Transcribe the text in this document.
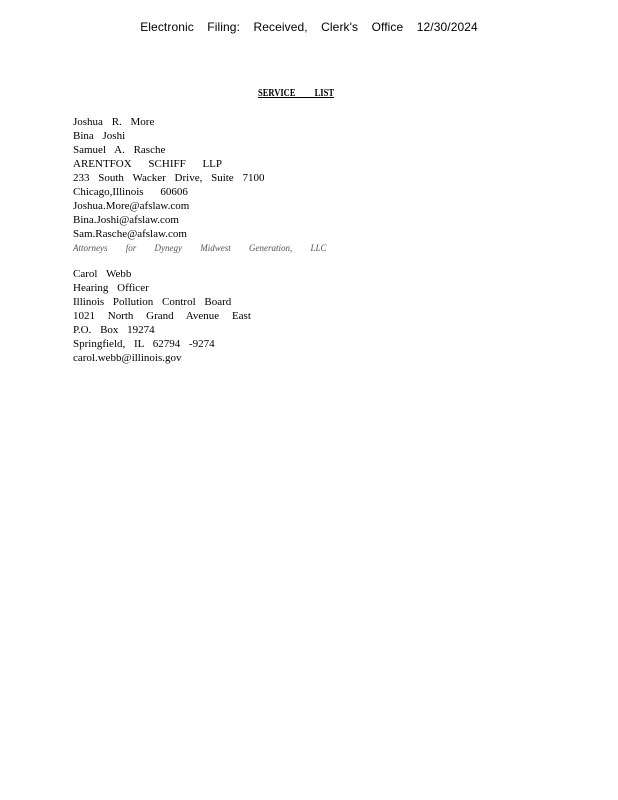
Electronic Filing: Received, Clerk's Office 12/30/2024
SERVICE LIST
Joshua R. More
Bina Joshi
Samuel A. Rasche
ARENTFOX SCHIFF LLP
233 South Wacker Drive, Suite 7100
Chicago,Illinois 60606
Joshua.More@afslaw.com
Bina.Joshi@afslaw.com
Sam.Rasche@afslaw.com
Attorneys for Dynegy Midwest Generation, LLC
Carol Webb
Hearing Officer
Illinois Pollution Control Board
1021 North Grand Avenue East
P.O. Box 19274
Springfield, IL 62794 -9274
carol.webb@illinois.gov
